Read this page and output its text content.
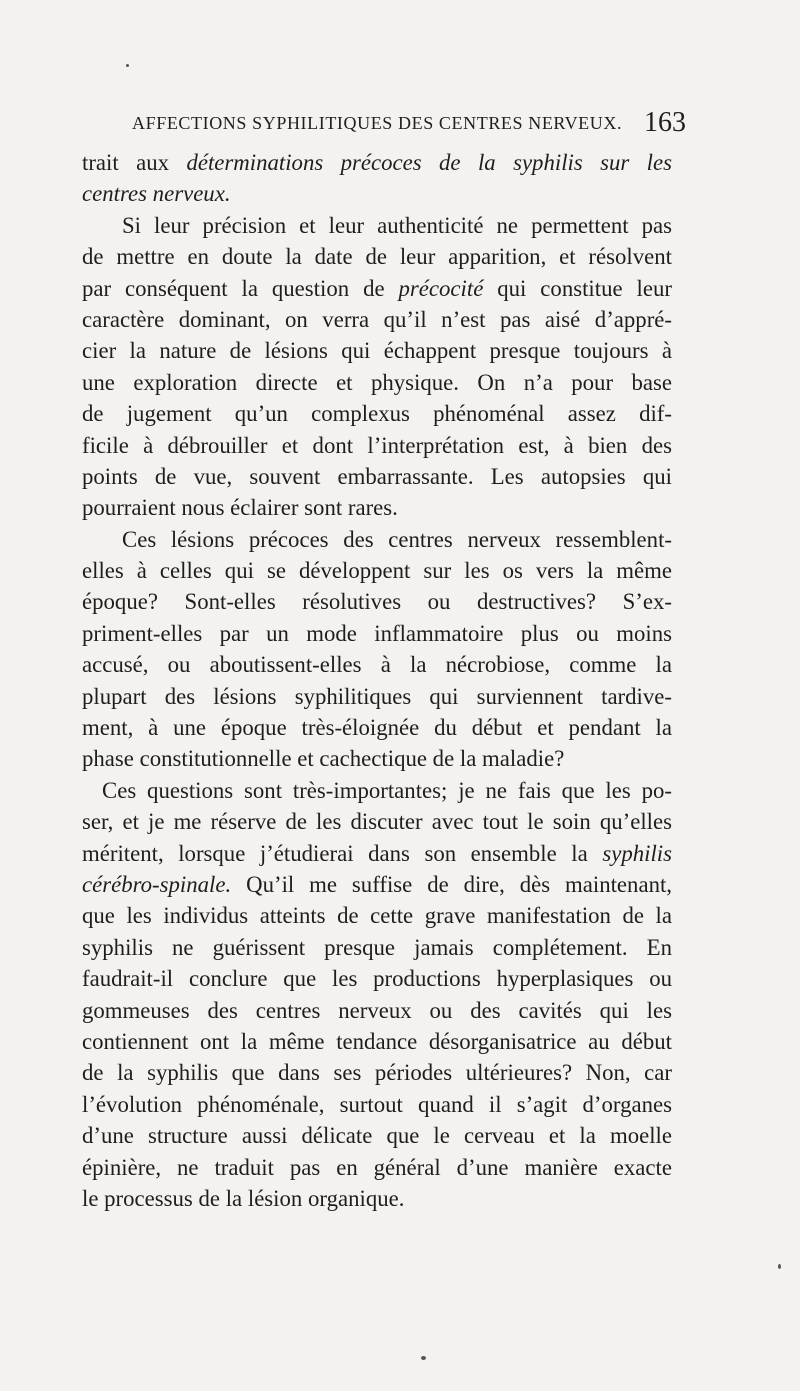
AFFECTIONS SYPHILITIQUES DES CENTRES NERVEUX. 163
trait aux déterminations précoces de la syphilis sur les
centres nerveux.
Si leur précision et leur authenticité ne permettent pas
de mettre en doute la date de leur apparition, et résolvent
par conséquent la question de précocité qui constitue leur
caractère dominant, on verra qu’il n’est pas aisé d’appré-
cier la nature de lésions qui échappent presque toujours à
une exploration directe et physique. On n’a pour base
de jugement qu’un complexus phénoménal assez dif-
ficile à débrouiller et dont l’interprétation est, à bien des
points de vue, souvent embarrassante. Les autopsies qui
pourraient nous éclairer sont rares.
Ces lésions précoces des centres nerveux ressemblent-
elles à celles qui se développent sur les os vers la même
époque? Sont-elles résolutives ou destructives? S’ex-
priment-elles par un mode inflammatoire plus ou moins
accusé, ou aboutissent-elles à la nécrobiose, comme la
plupart des lésions syphilitiques qui surviennent tardive-
ment, à une époque très-éloignée du début et pendant la
phase constitutionnelle et cachectique de la maladie?
Ces questions sont très-importantes; je ne fais que les po-
ser, et je me réserve de les discuter avec tout le soin qu’elles
méritent, lorsque j’étudierai dans son ensemble la syphilis
cérébro-spinale. Qu’il me suffise de dire, dès maintenant,
que les individus atteints de cette grave manifestation de la
syphilis ne guérissent presque jamais complétement. En
faudrait-il conclure que les productions hyperplasiques ou
gommeuses des centres nerveux ou des cavités qui les
contiennent ont la même tendance désorganisatrice au début
de la syphilis que dans ses périodes ultérieures? Non, car
l’évolution phénoménale, surtout quand il s’agit d’organes
d’une structure aussi délicate que le cerveau et la moelle
épinière, ne traduit pas en général d’une manière exacte
le processus de la lésion organique.
